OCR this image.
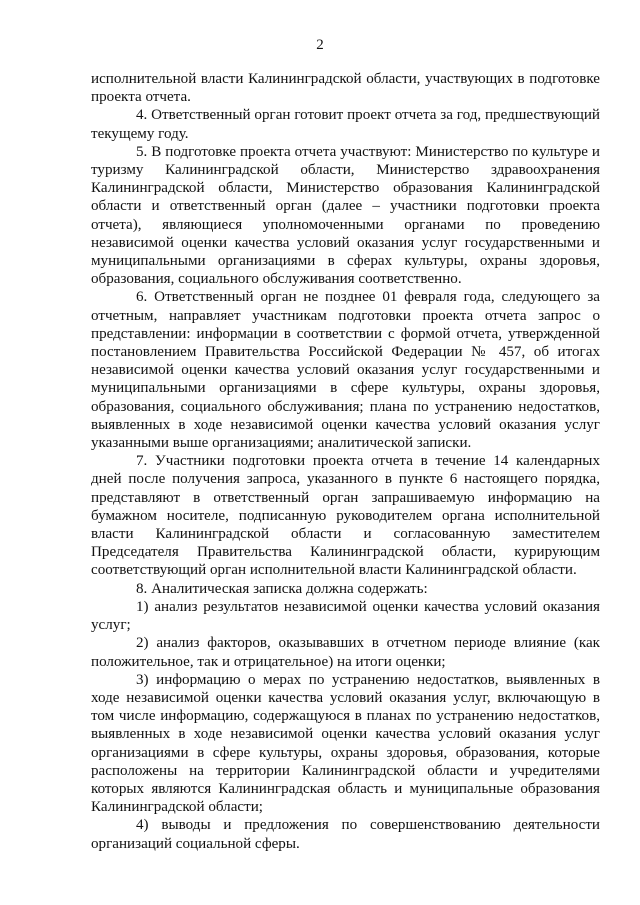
2

исполнительной власти Калининградской области, участвующих в подготовке проекта отчета.

4. Ответственный орган готовит проект отчета за год, предшествующий текущему году.

5. В подготовке проекта отчета участвуют: Министерство по культуре и туризму Калининградской области, Министерство здравоохранения Калининградской области, Министерство образования Калининградской области и ответственный орган (далее – участники подготовки проекта отчета), являющиеся уполномоченными органами по проведению независимой оценки качества условий оказания услуг государственными и муниципальными организациями в сферах культуры, охраны здоровья, образования, социального обслуживания соответственно.

6. Ответственный орган не позднее 01 февраля года, следующего за отчетным, направляет участникам подготовки проекта отчета запрос о представлении: информации в соответствии с формой отчета, утвержденной постановлением Правительства Российской Федерации № 457, об итогах независимой оценки качества условий оказания услуг государственными и муниципальными организациями в сфере культуры, охраны здоровья, образования, социального обслуживания; плана по устранению недостатков, выявленных в ходе независимой оценки качества условий оказания услуг указанными выше организациями; аналитической записки.

7. Участники подготовки проекта отчета в течение 14 календарных дней после получения запроса, указанного в пункте 6 настоящего порядка, представляют в ответственный орган запрашиваемую информацию на бумажном носителе, подписанную руководителем органа исполнительной власти Калининградской области и согласованную заместителем Председателя Правительства Калининградской области, курирующим соответствующий орган исполнительной власти Калининградской области.

8. Аналитическая записка должна содержать:

1) анализ результатов независимой оценки качества условий оказания услуг;

2) анализ факторов, оказывавших в отчетном периоде влияние (как положительное, так и отрицательное) на итоги оценки;

3) информацию о мерах по устранению недостатков, выявленных в ходе независимой оценки качества условий оказания услуг, включающую в том числе информацию, содержащуюся в планах по устранению недостатков, выявленных в ходе независимой оценки качества условий оказания услуг организациями в сфере культуры, охраны здоровья, образования, которые расположены на территории Калининградской области и учредителями которых являются Калининградская область и муниципальные образования Калининградской области;

4) выводы и предложения по совершенствованию деятельности организаций социальной сферы.
